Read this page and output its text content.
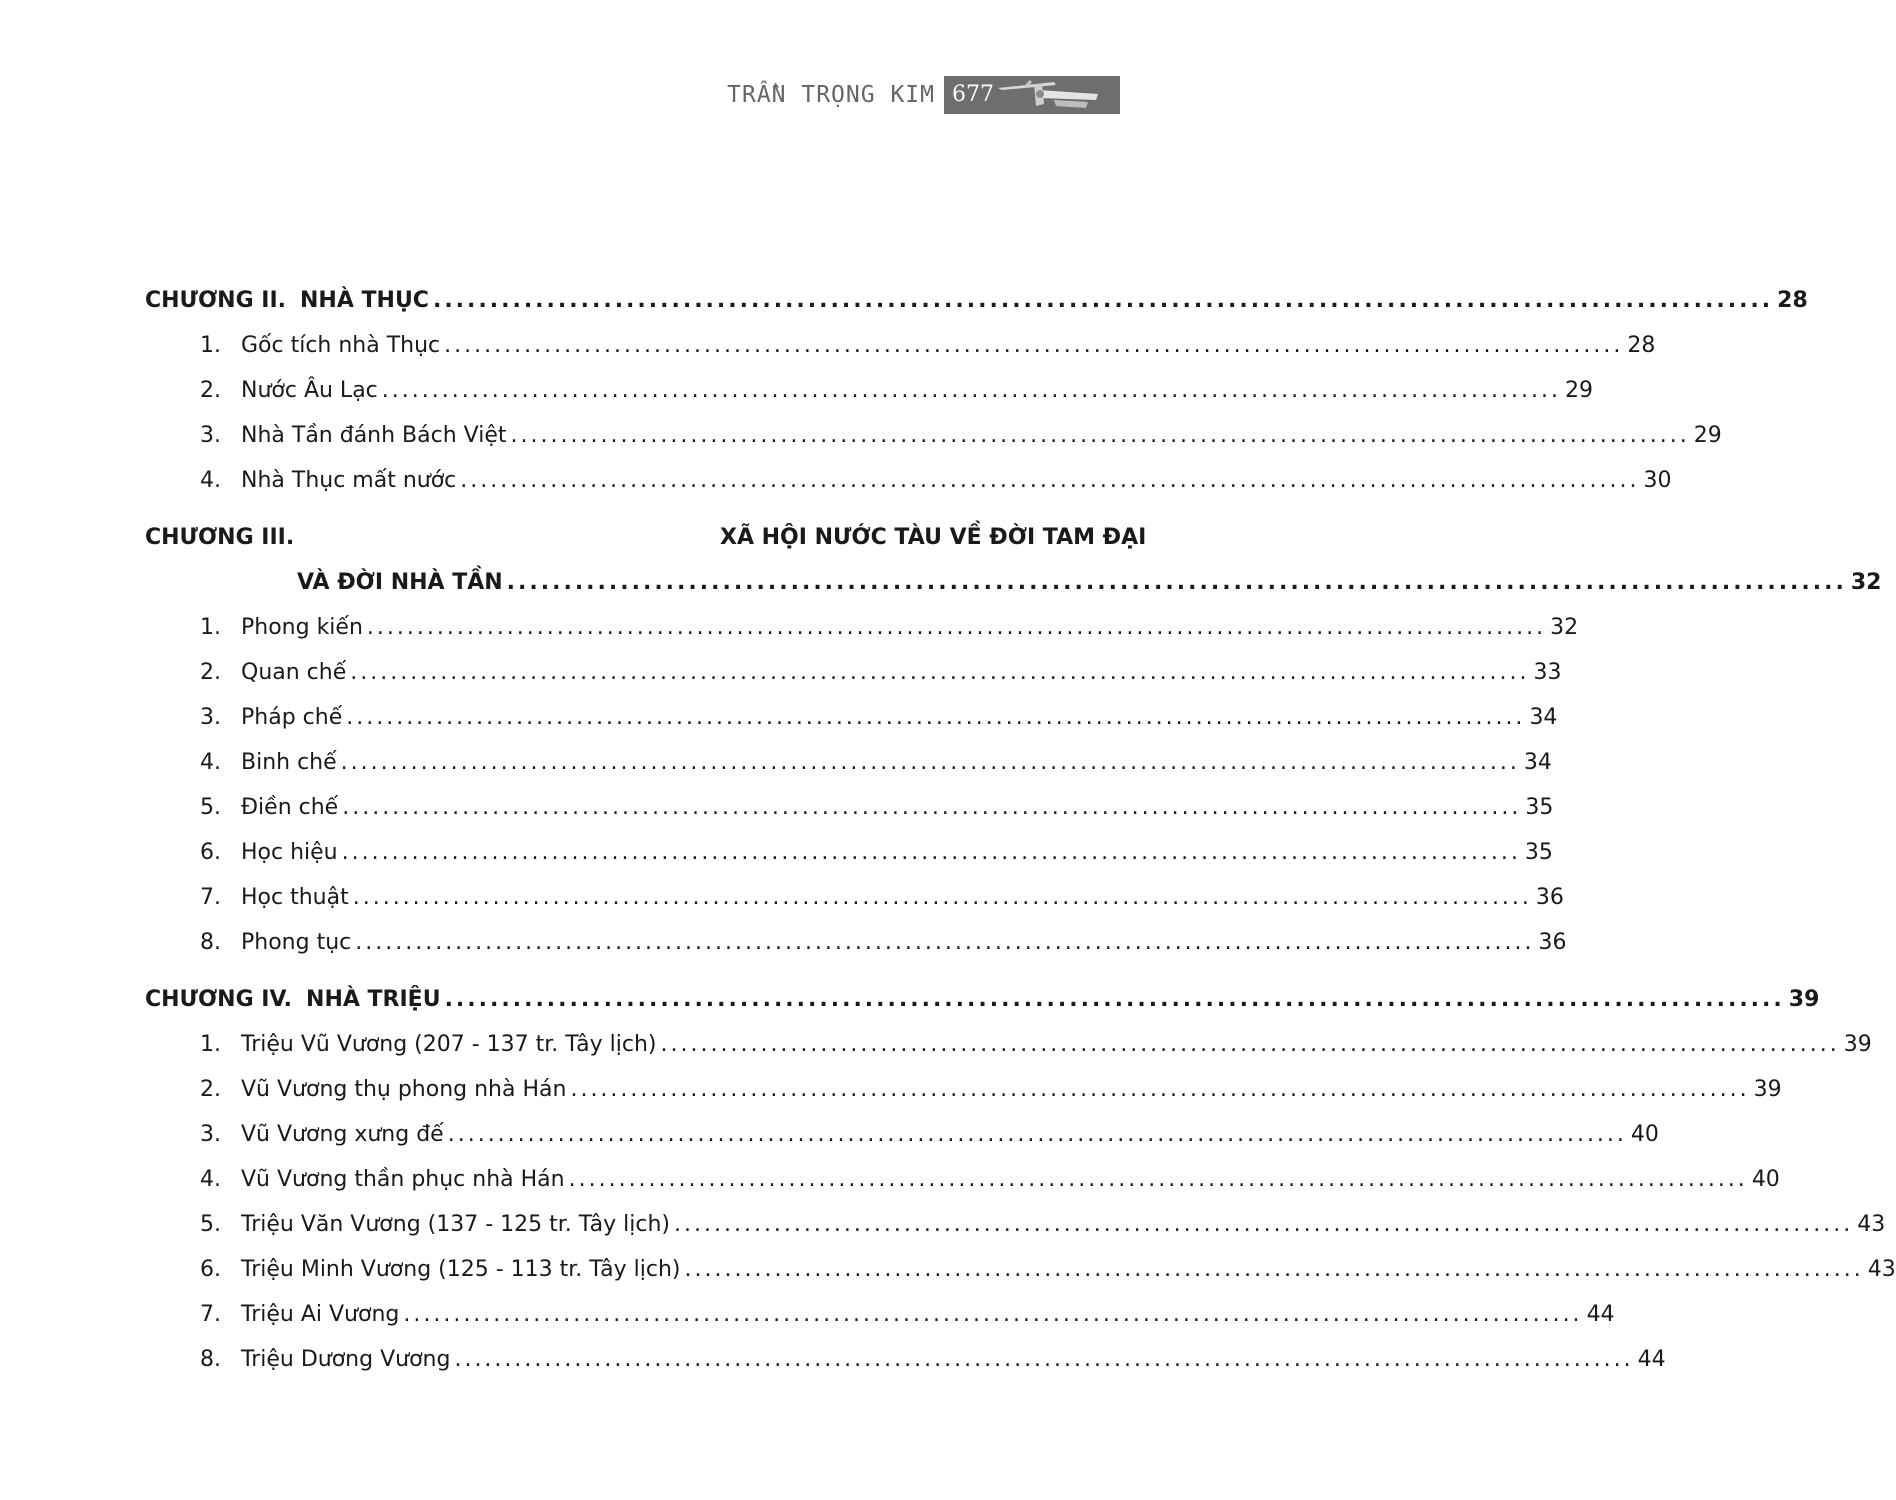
TRẦN TRỌNG KIM 677
CHƯƠNG II. NHÀ THỤC ...................................................................................................................... 28
1. Gốc tích nhà Thục ...................................................................................................................... 28
2. Nước Âu Lạc ...................................................................................................................... 29
3. Nhà Tần đánh Bách Việt ...................................................................................................................... 29
4. Nhà Thục mất nước ...................................................................................................................... 30
CHƯƠNG III.	XÃ HỘI NƯỚC TÀU VỀ ĐỜI TAM ĐẠI
VÀ ĐỜI NHÀ TẦN ...................................................................................................................... 32
1. Phong kiến ...................................................................................................................... 32
2. Quan chế ...................................................................................................................... 33
3. Pháp chế ...................................................................................................................... 34
4. Binh chế ...................................................................................................................... 34
5. Điền chế ...................................................................................................................... 35
6. Học hiệu ...................................................................................................................... 35
7. Học thuật ...................................................................................................................... 36
8. Phong tục ...................................................................................................................... 36
CHƯƠNG IV. NHÀ TRIỆU ...................................................................................................................... 39
1. Triệu Vũ Vương (207 - 137 tr. Tây lịch) ...................................................................................................................... 39
2. Vũ Vương thụ phong nhà Hán ...................................................................................................................... 39
3. Vũ Vương xưng đế ...................................................................................................................... 40
4. Vũ Vương thần phục nhà Hán ...................................................................................................................... 40
5. Triệu Văn Vương (137 - 125 tr. Tây lịch) ...................................................................................................................... 43
6. Triệu Minh Vương (125 - 113 tr. Tây lịch) ...................................................................................................................... 43
7. Triệu Ai Vương ...................................................................................................................... 44
8. Triệu Dương Vương ...................................................................................................................... 44
